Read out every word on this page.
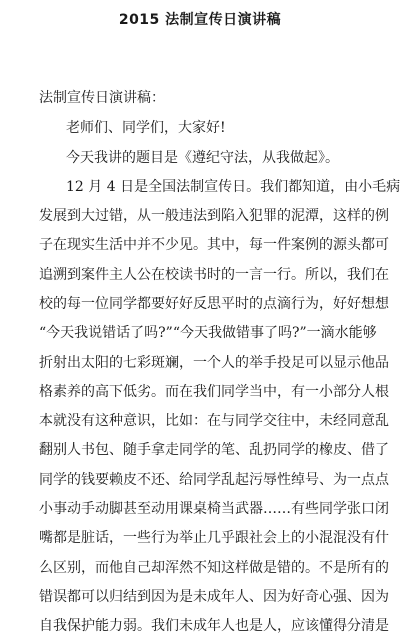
2015 法制宣传日演讲稿
法制宣传日演讲稿：
老师们、同学们，大家好!
今天我讲的题目是《遵纪守法，从我做起》。
12 月 4 日是全国法制宣传日。我们都知道，由小毛病
发展到大过错，从一般违法到陷入犯罪的泥潭，这样的例
子在现实生活中并不少见。其中，每一件案例的源头都可
追溯到案件主人公在校读书时的一言一行。所以，我们在
校的每一位同学都要好好反思平时的点滴行为，好好想想
“今天我说错话了吗?”“今天我做错事了吗?”一滴水能够
折射出太阳的七彩斑斓，一个人的举手投足可以显示他品
格素养的高下低劣。而在我们同学当中，有一小部分人根
本就没有这种意识，比如：在与同学交往中，未经同意乱
翻别人书包、随手拿走同学的笔、乱扔同学的橡皮、借了
同学的钱要赖皮不还、给同学乱起污辱性绰号、为一点点
小事动手动脚甚至动用课桌椅当武器……有些同学张口闭
嘴都是脏话，一些行为举止几乎跟社会上的小混混没有什
么区别，而他自己却浑然不知这样做是错的。不是所有的
错误都可以归结到因为是未成年人、因为好奇心强、因为
自我保护能力弱。我们未成年人也是人，应该懂得分清是
